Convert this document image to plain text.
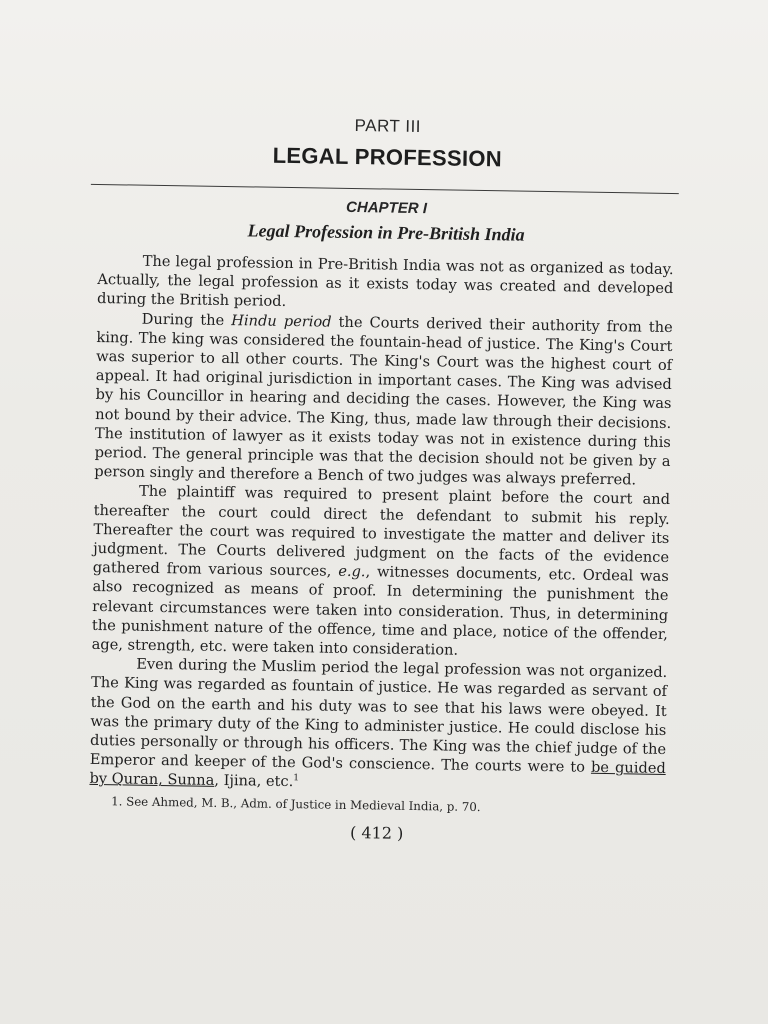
PART III
LEGAL PROFESSION
CHAPTER I
Legal Profession in Pre-British India

The legal profession in Pre-British India was not as organized as today. Actually, the legal profession as it exists today was created and developed during the British period.

During the Hindu period the Courts derived their authority from the king. The king was considered the fountain-head of justice. The King's Court was superior to all other courts. The King's Court was the highest court of appeal. It had original jurisdiction in important cases. The King was advised by his Councillor in hearing and deciding the cases. However, the King was not bound by their advice. The King, thus, made law through their decisions. The institution of lawyer as it exists today was not in existence during this period. The general principle was that the decision should not be given by a person singly and therefore a Bench of two judges was always preferred.

The plaintiff was required to present plaint before the court and thereafter the court could direct the defendant to submit his reply. Thereafter the court was required to investigate the matter and deliver its judgment. The Courts delivered judgment on the facts of the evidence gathered from various sources, e.g., witnesses documents, etc. Ordeal was also recognized as means of proof. In determining the punishment the relevant circumstances were taken into consideration. Thus, in determining the punishment nature of the offence, time and place, notice of the offender, age, strength, etc. were taken into consideration.

Even during the Muslim period the legal profession was not organized. The King was regarded as fountain of justice. He was regarded as servant of the God on the earth and his duty was to see that his laws were obeyed. It was the primary duty of the King to administer justice. He could disclose his duties personally or through his officers. The King was the chief judge of the Emperor and keeper of the God's conscience. The courts were to be guided by Quran, Sunna, Ijina, etc.$^1$

1. See Ahmed, M. B., Adm. of Justice in Medieval India, p. 70.
( 412 )
